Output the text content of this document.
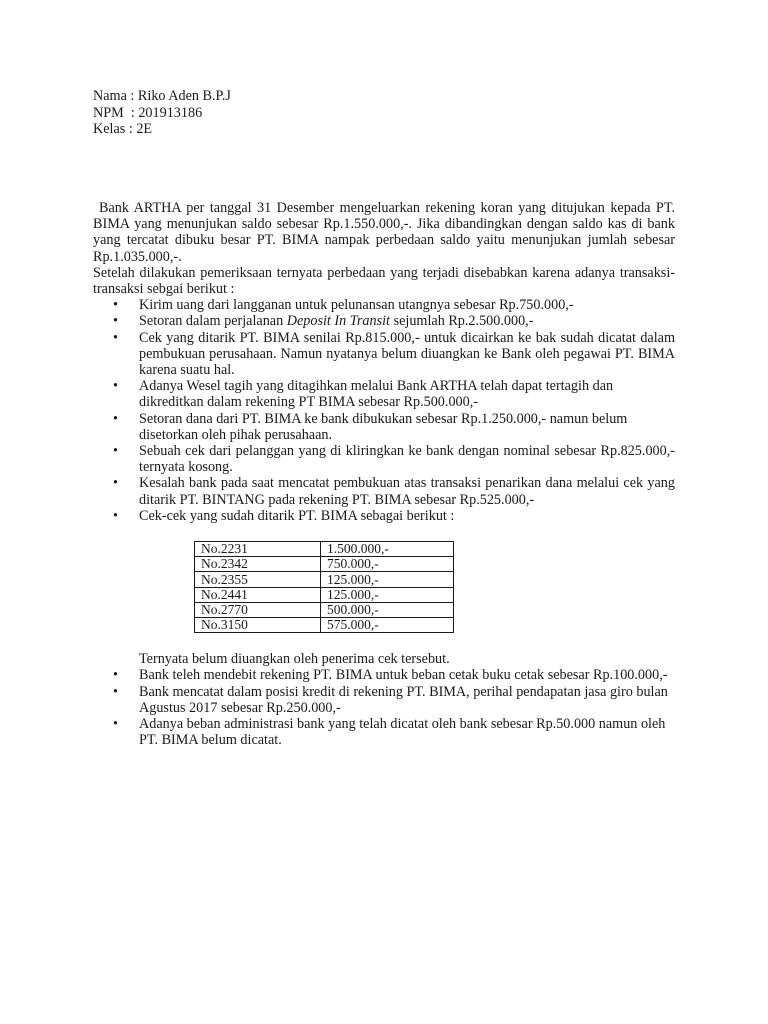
Nama : Riko Aden B.P.J
NPM  : 201913186
Kelas : 2E
Bank ARTHA per tanggal 31 Desember mengeluarkan rekening koran yang ditujukan kepada PT. BIMA yang menunjukan saldo sebesar Rp.1.550.000,-. Jika dibandingkan dengan saldo kas di bank yang tercatat dibuku besar PT. BIMA nampak perbedaan saldo yaitu menunjukan jumlah sebesar Rp.1.035.000,-.
Setelah dilakukan pemeriksaan ternyata perbedaan yang terjadi disebabkan karena adanya transaksi-transaksi sebgai berikut :
• Kirim uang dari langganan untuk pelunansan utangnya sebesar Rp.750.000,-
• Setoran dalam perjalanan Deposit In Transit sejumlah Rp.2.500.000,-
• Cek yang ditarik PT. BIMA senilai Rp.815.000,- untuk dicairkan ke bak sudah dicatat dalam pembukuan perusahaan. Namun nyatanya belum diuangkan ke Bank oleh pegawai PT. BIMA karena suatu hal.
• Adanya Wesel tagih yang ditagihkan melalui Bank ARTHA telah dapat tertagih dan dikreditkan dalam rekening PT BIMA sebesar Rp.500.000,-
• Setoran dana dari PT. BIMA ke bank dibukukan sebesar Rp.1.250.000,- namun belum disetorkan oleh pihak perusahaan.
• Sebuah cek dari pelanggan yang di kliringkan ke bank dengan nominal sebesar Rp.825.000,- ternyata kosong.
• Kesalah bank pada saat mencatat pembukuan atas transaksi penarikan dana melalui cek yang ditarik PT. BINTANG pada rekening PT. BIMA sebesar Rp.525.000,-
• Cek-cek yang sudah ditarik PT. BIMA sebagai berikut :
No.2231	1.500.000,-
No.2342	750.000,-
No.2355	125.000,-
No.2441	125.000,-
No.2770	500.000,-
No.3150	575.000,-
Ternyata belum diuangkan oleh penerima cek tersebut.
• Bank teleh mendebit rekening PT. BIMA untuk beban cetak buku cetak sebesar Rp.100.000,-
• Bank mencatat dalam posisi kredit di rekening PT. BIMA, perihal pendapatan jasa giro bulan Agustus 2017 sebesar Rp.250.000,-
• Adanya beban administrasi bank yang telah dicatat oleh bank sebesar Rp.50.000 namun oleh PT. BIMA belum dicatat.
